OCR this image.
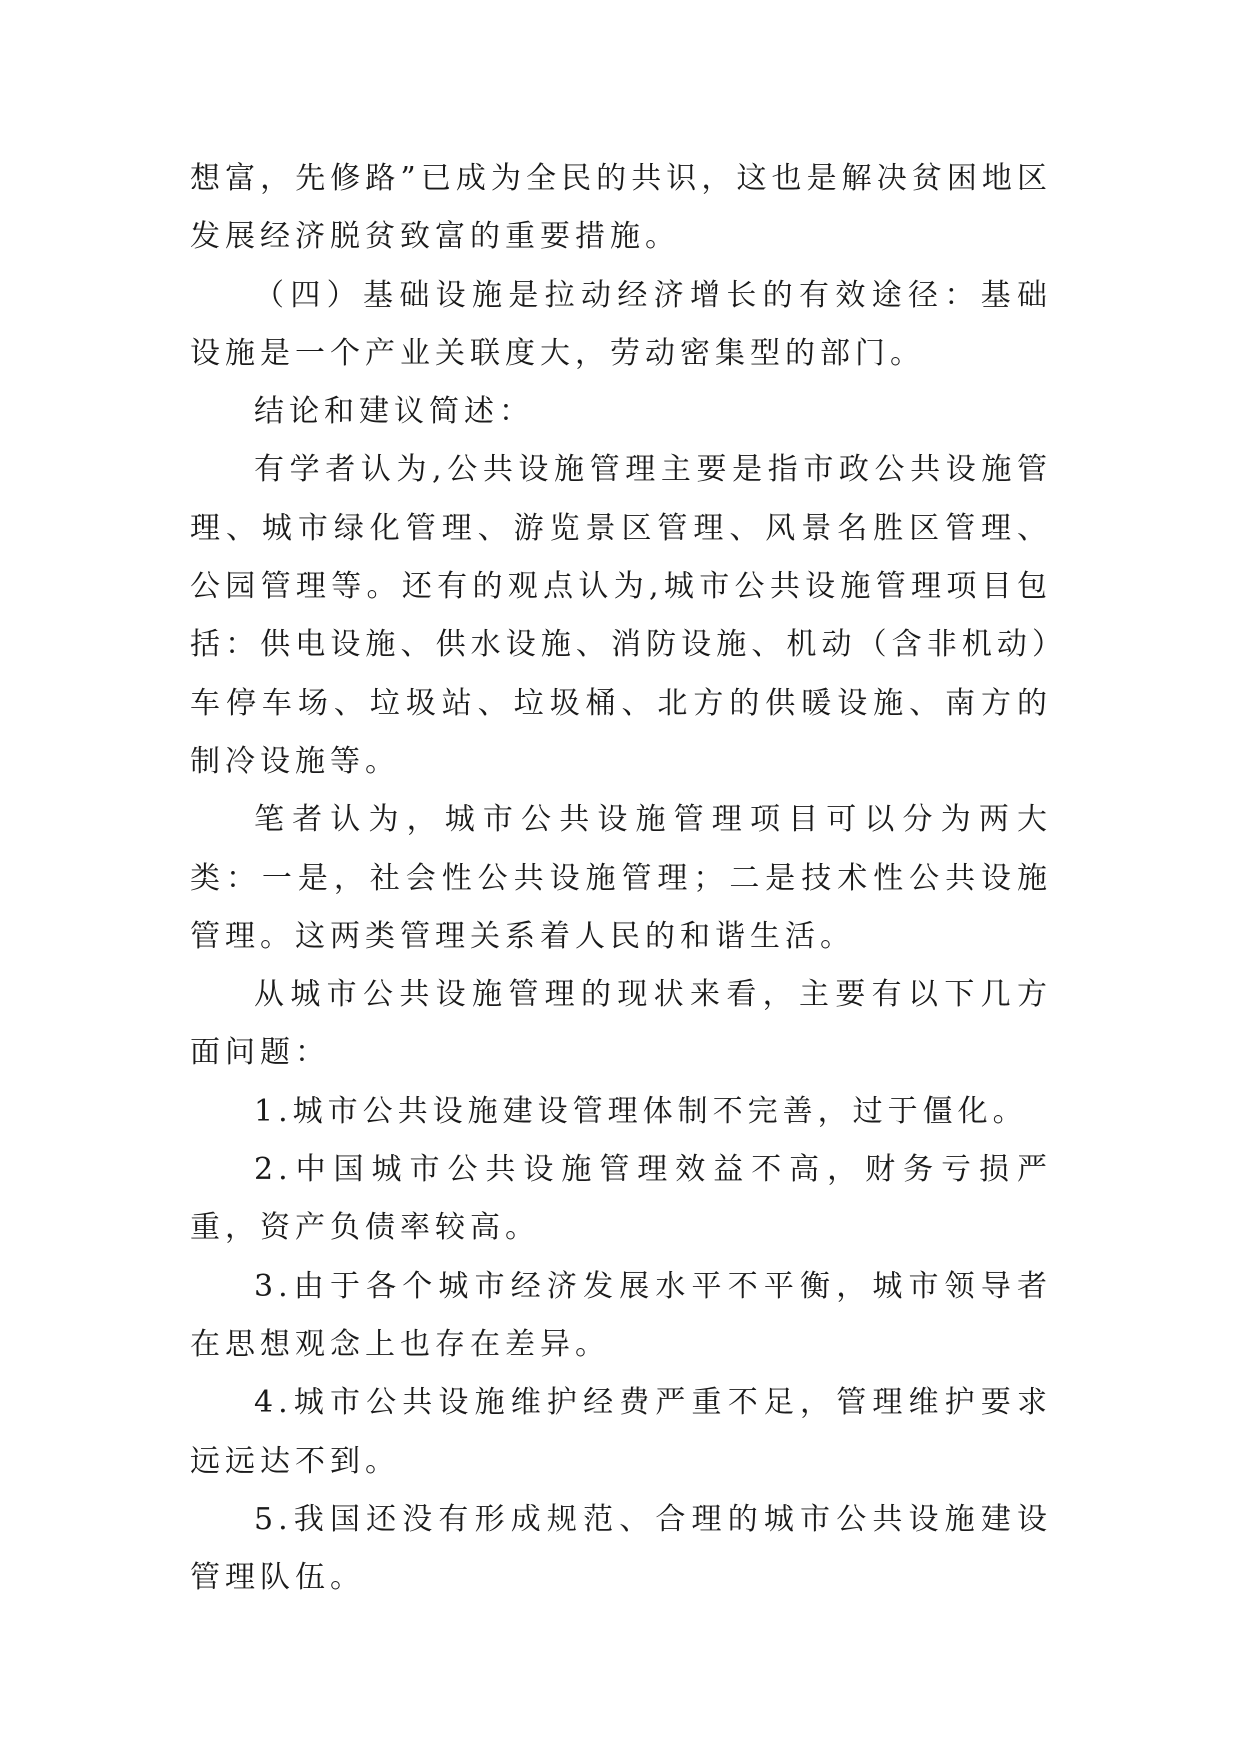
想富，先修路”已成为全民的共识，这也是解决贫困地区发展经济脱贫致富的重要措施。

（四）基础设施是拉动经济增长的有效途径：基础设施是一个产业关联度大，劳动密集型的部门。

结论和建议简述：

有学者认为,公共设施管理主要是指市政公共设施管理、城市绿化管理、游览景区管理、风景名胜区管理、公园管理等。还有的观点认为,城市公共设施管理项目包括：供电设施、供水设施、消防设施、机动（含非机动）车停车场、垃圾站、垃圾桶、北方的供暖设施、南方的制冷设施等。

笔者认为，城市公共设施管理项目可以分为两大类：一是，社会性公共设施管理；二是技术性公共设施管理。这两类管理关系着人民的和谐生活。

从城市公共设施管理的现状来看，主要有以下几方面问题：

1.城市公共设施建设管理体制不完善，过于僵化。

2.中国城市公共设施管理效益不高，财务亏损严重，资产负债率较高。

3.由于各个城市经济发展水平不平衡，城市领导者在思想观念上也存在差异。

4.城市公共设施维护经费严重不足，管理维护要求远远达不到。

5.我国还没有形成规范、合理的城市公共设施建设管理队伍。
